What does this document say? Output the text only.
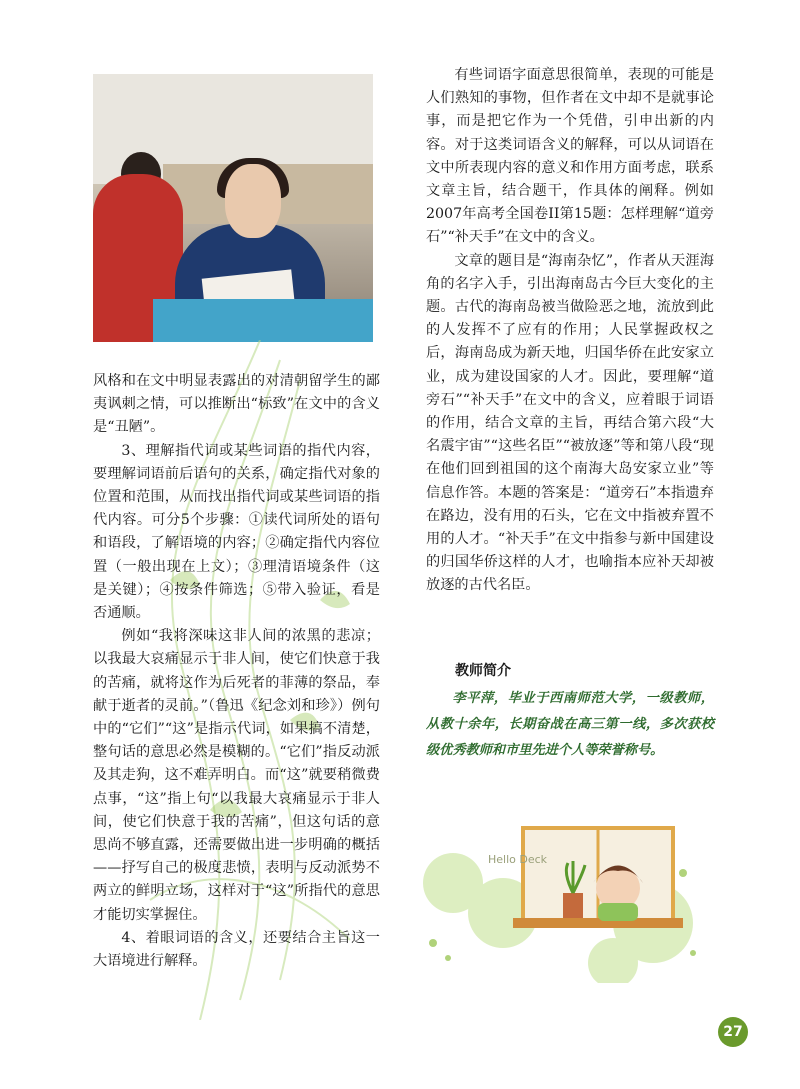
风格和在文中明显表露出的对清朝留学生的鄙夷讽刺之情，可以推断出“标致”在文中的含义是“丑陋”。

3、理解指代词或某些词语的指代内容，要理解词语前后语句的关系，确定指代对象的位置和范围，从而找出指代词或某些词语的指代内容。可分5个步骤：①读代词所处的语句和语段，了解语境的内容；②确定指代内容位置（一般出现在上文）；③理清语境条件（这是关键）；④按条件筛选；⑤带入验证，看是否通顺。

例如“我将深味这非人间的浓黑的悲凉；以我最大哀痛显示于非人间，使它们快意于我的苦痛，就将这作为后死者的菲薄的祭品，奉献于逝者的灵前。”（鲁迅《纪念刘和珍》）例句中的“它们”“这”是指示代词，如果搞不清楚，整句话的意思必然是模糊的。“它们”指反动派及其走狗，这不难弄明白。而“这”就要稍微费点事，“这”指上句“以我最大哀痛显示于非人间，使它们快意于我的苦痛”，但这句话的意思尚不够直露，还需要做出进一步明确的概括——抒写自己的极度悲愤，表明与反动派势不两立的鲜明立场，这样对于“这”所指代的意思才能切实掌握住。

4、着眼词语的含义，还要结合主旨这一大语境进行解释。

有些词语字面意思很简单，表现的可能是人们熟知的事物，但作者在文中却不是就事论事，而是把它作为一个凭借，引申出新的内容。对于这类词语含义的解释，可以从词语在文中所表现内容的意义和作用方面考虑，联系文章主旨，结合题干，作具体的阐释。例如2007年高考全国卷II第15题：怎样理解“道旁石”“补天手”在文中的含义。

文章的题目是“海南杂忆”，作者从天涯海角的名字入手，引出海南岛古今巨大变化的主题。古代的海南岛被当做险恶之地，流放到此的人发挥不了应有的作用；人民掌握政权之后，海南岛成为新天地，归国华侨在此安家立业，成为建设国家的人才。因此，要理解“道旁石”“补天手”在文中的含义，应着眼于词语的作用，结合文章的主旨，再结合第六段“大名震宇宙”“这些名臣”“被放逐”等和第八段“现在他们回到祖国的这个南海大岛安家立业”等信息作答。本题的答案是：“道旁石”本指遗弃在路边，没有用的石头，它在文中指被弃置不用的人才。“补天手”在文中指参与新中国建设的归国华侨这样的人才，也喻指本应补天却被放逐的古代名臣。

教师简介

李平萍，毕业于西南师范大学，一级教师，从教十余年，长期奋战在高三第一线，多次获校级优秀教师和市里先进个人等荣誉称号。

Hello Deck
27
